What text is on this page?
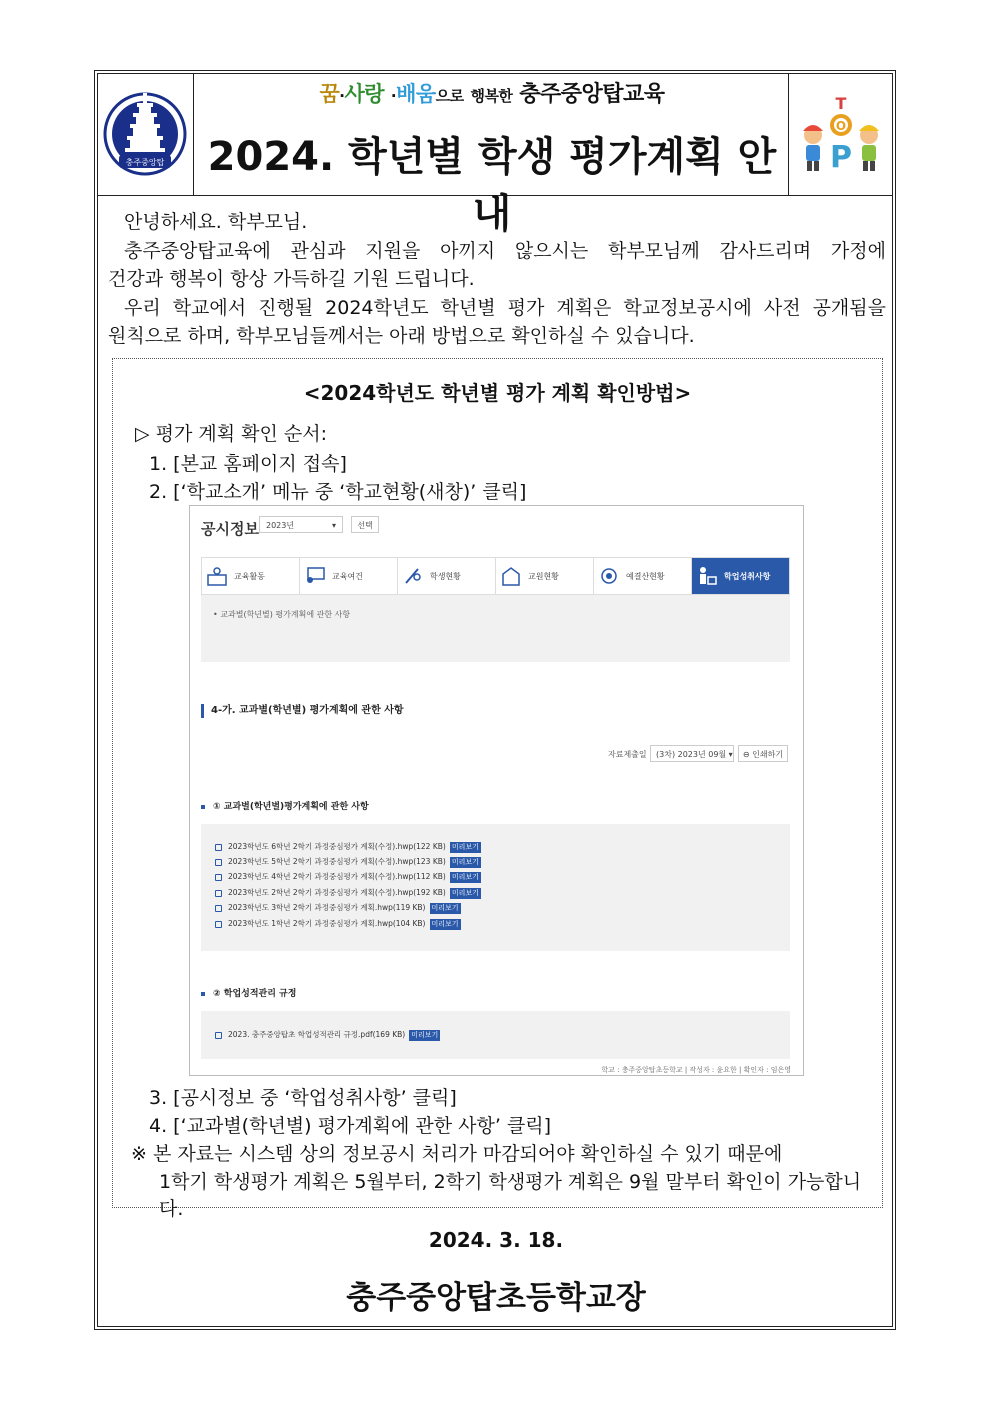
충주중앙탑
꿈·사랑 ·배움으로 행복한 충주중앙탑교육
2024. 학년별 학생 평가계획 안내
T
O
P

안녕하세요. 학부모님.

충주중앙탑교육에 관심과 지원을 아끼지 않으시는 학부모님께 감사드리며 가정에

건강과 행복이 항상 가득하길 기원 드립니다.

우리 학교에서 진행될 2024학년도 학년별 평가 계획은 학교정보공시에 사전 공개됨을

원칙으로 하며, 학부모님들께서는 아래 방법으로 확인하실 수 있습니다.

<2024학년도 학년별 평가 계획 확인방법>
▷ 평가 계획 확인 순서:
1. [본교 홈페이지 접속]
2. [‘학교소개’ 메뉴 중 ‘학교현황(새창)’ 클릭]
3. [공시정보 중 ‘학업성취사항’ 클릭]
4. [‘교과별(학년별) 평가계획에 관한 사항’ 클릭]
※ 본 자료는 시스템 상의 정보공시 처리가 마감되어야 확인하실 수 있기 때문에
1학기 학생평가 계획은 5월부터, 2학기 학생평가 계획은 9월 말부터 확인이 가능합니다.
공시정보 2023년	▾	선택
교육활동	교육여건	학생현황	교원현황	예결산현황	학업성취사항
• 교과별(학년별) 평가계획에 관한 사항
4-가. 교과별(학년별) 평가계획에 관한 사항
자료제출일	(3차) 2023년 09월 ▾	⊖ 인쇄하기
① 교과별(학년별)평가계획에 관한 사항
2023학년도 6학년 2학기 과정중심평가 계획(수정).hwp(122 KB) 미리보기
2023학년도 5학년 2학기 과정중심평가 계획(수정).hwp(123 KB) 미리보기
2023학년도 4학년 2학기 과정중심평가 계획(수정).hwp(112 KB) 미리보기
2023학년도 2학년 2학기 과정중심평가 계획(수정).hwp(192 KB) 미리보기
2023학년도 3학년 2학기 과정중심평가 계획.hwp(119 KB) 미리보기
2023학년도 1학년 2학기 과정중심평가 계획.hwp(104 KB) 미리보기
② 학업성적관리 규정
2023. 충주중앙탑초 학업성적관리 규정.pdf(169 KB) 미리보기
학교 : 충주중앙탑초등학교 | 작성자 : 윤요한 | 확인자 : 임은영
2024. 3. 18.
충주중앙탑초등학교장
